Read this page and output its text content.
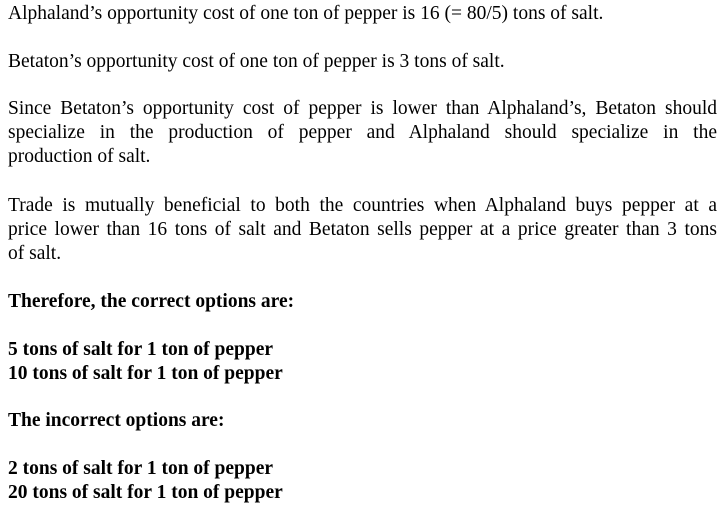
Alphaland’s opportunity cost of one ton of pepper is 16 (= 80/5) tons of salt.

Betaton’s opportunity cost of one ton of pepper is 3 tons of salt.

Since Betaton’s opportunity cost of pepper is lower than Alphaland’s, Betaton should
specialize in the production of pepper and Alphaland should specialize in the
production of salt.
Trade is mutually beneficial to both the countries when Alphaland buys pepper at a
price lower than 16 tons of salt and Betaton sells pepper at a price greater than 3 tons
of salt.

Therefore, the correct options are:

5 tons of salt for 1 ton of pepper
10 tons of salt for 1 ton of pepper

The incorrect options are:

2 tons of salt for 1 ton of pepper
20 tons of salt for 1 ton of pepper
